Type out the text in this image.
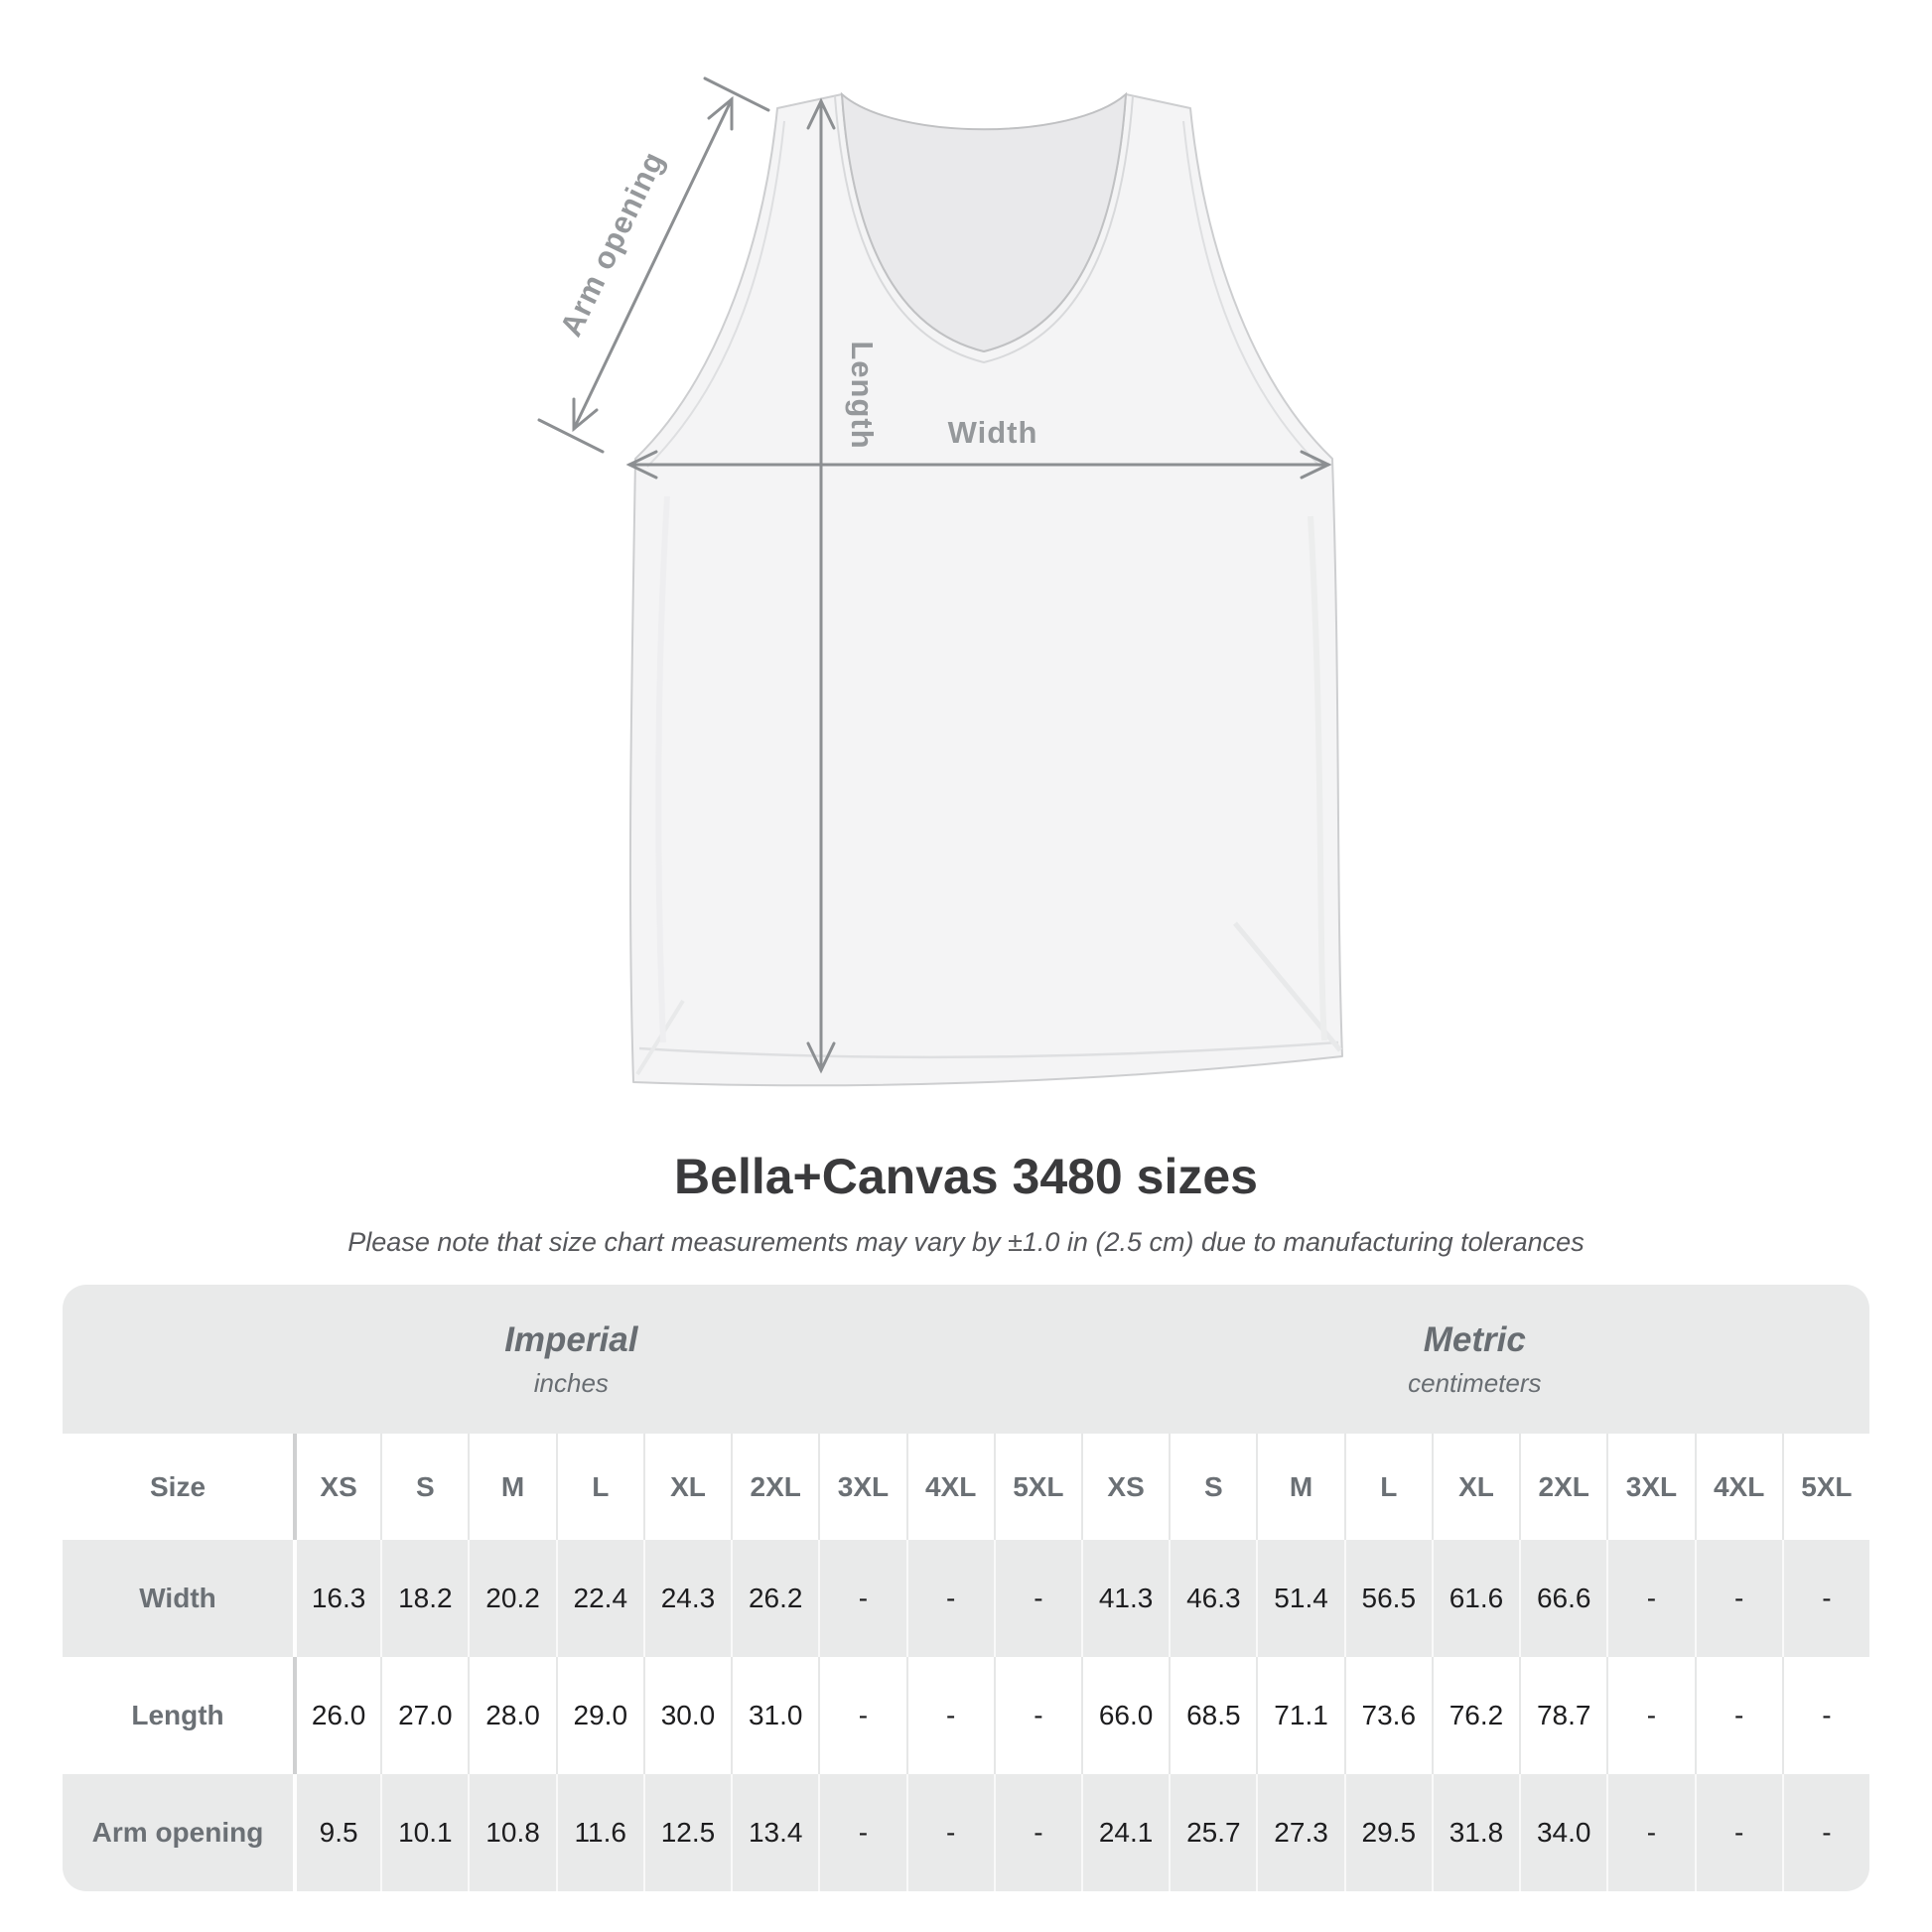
Arm opening
Length Width
Bella+Canvas 3480 sizes
Please note that size chart measurements may vary by ±1.0 in (2.5 cm) due to manufacturing tolerances
Imperial
inches
Metric
centimeters
Size	XS	S	M	L	XL	2XL	3XL	4XL	5XL	XS	S	M	L	XL	2XL	3XL	4XL	5XL
Width	16.3	18.2	20.2	22.4	24.3	26.2	-	-	-	41.3	46.3	51.4	56.5	61.6	66.6	-	-	-
Length	26.0	27.0	28.0	29.0	30.0	31.0	-	-	-	66.0	68.5	71.1	73.6	76.2	78.7	-	-	-
Arm opening	9.5	10.1	10.8	11.6	12.5	13.4	-	-	-	24.1	25.7	27.3	29.5	31.8	34.0	-	-	-
